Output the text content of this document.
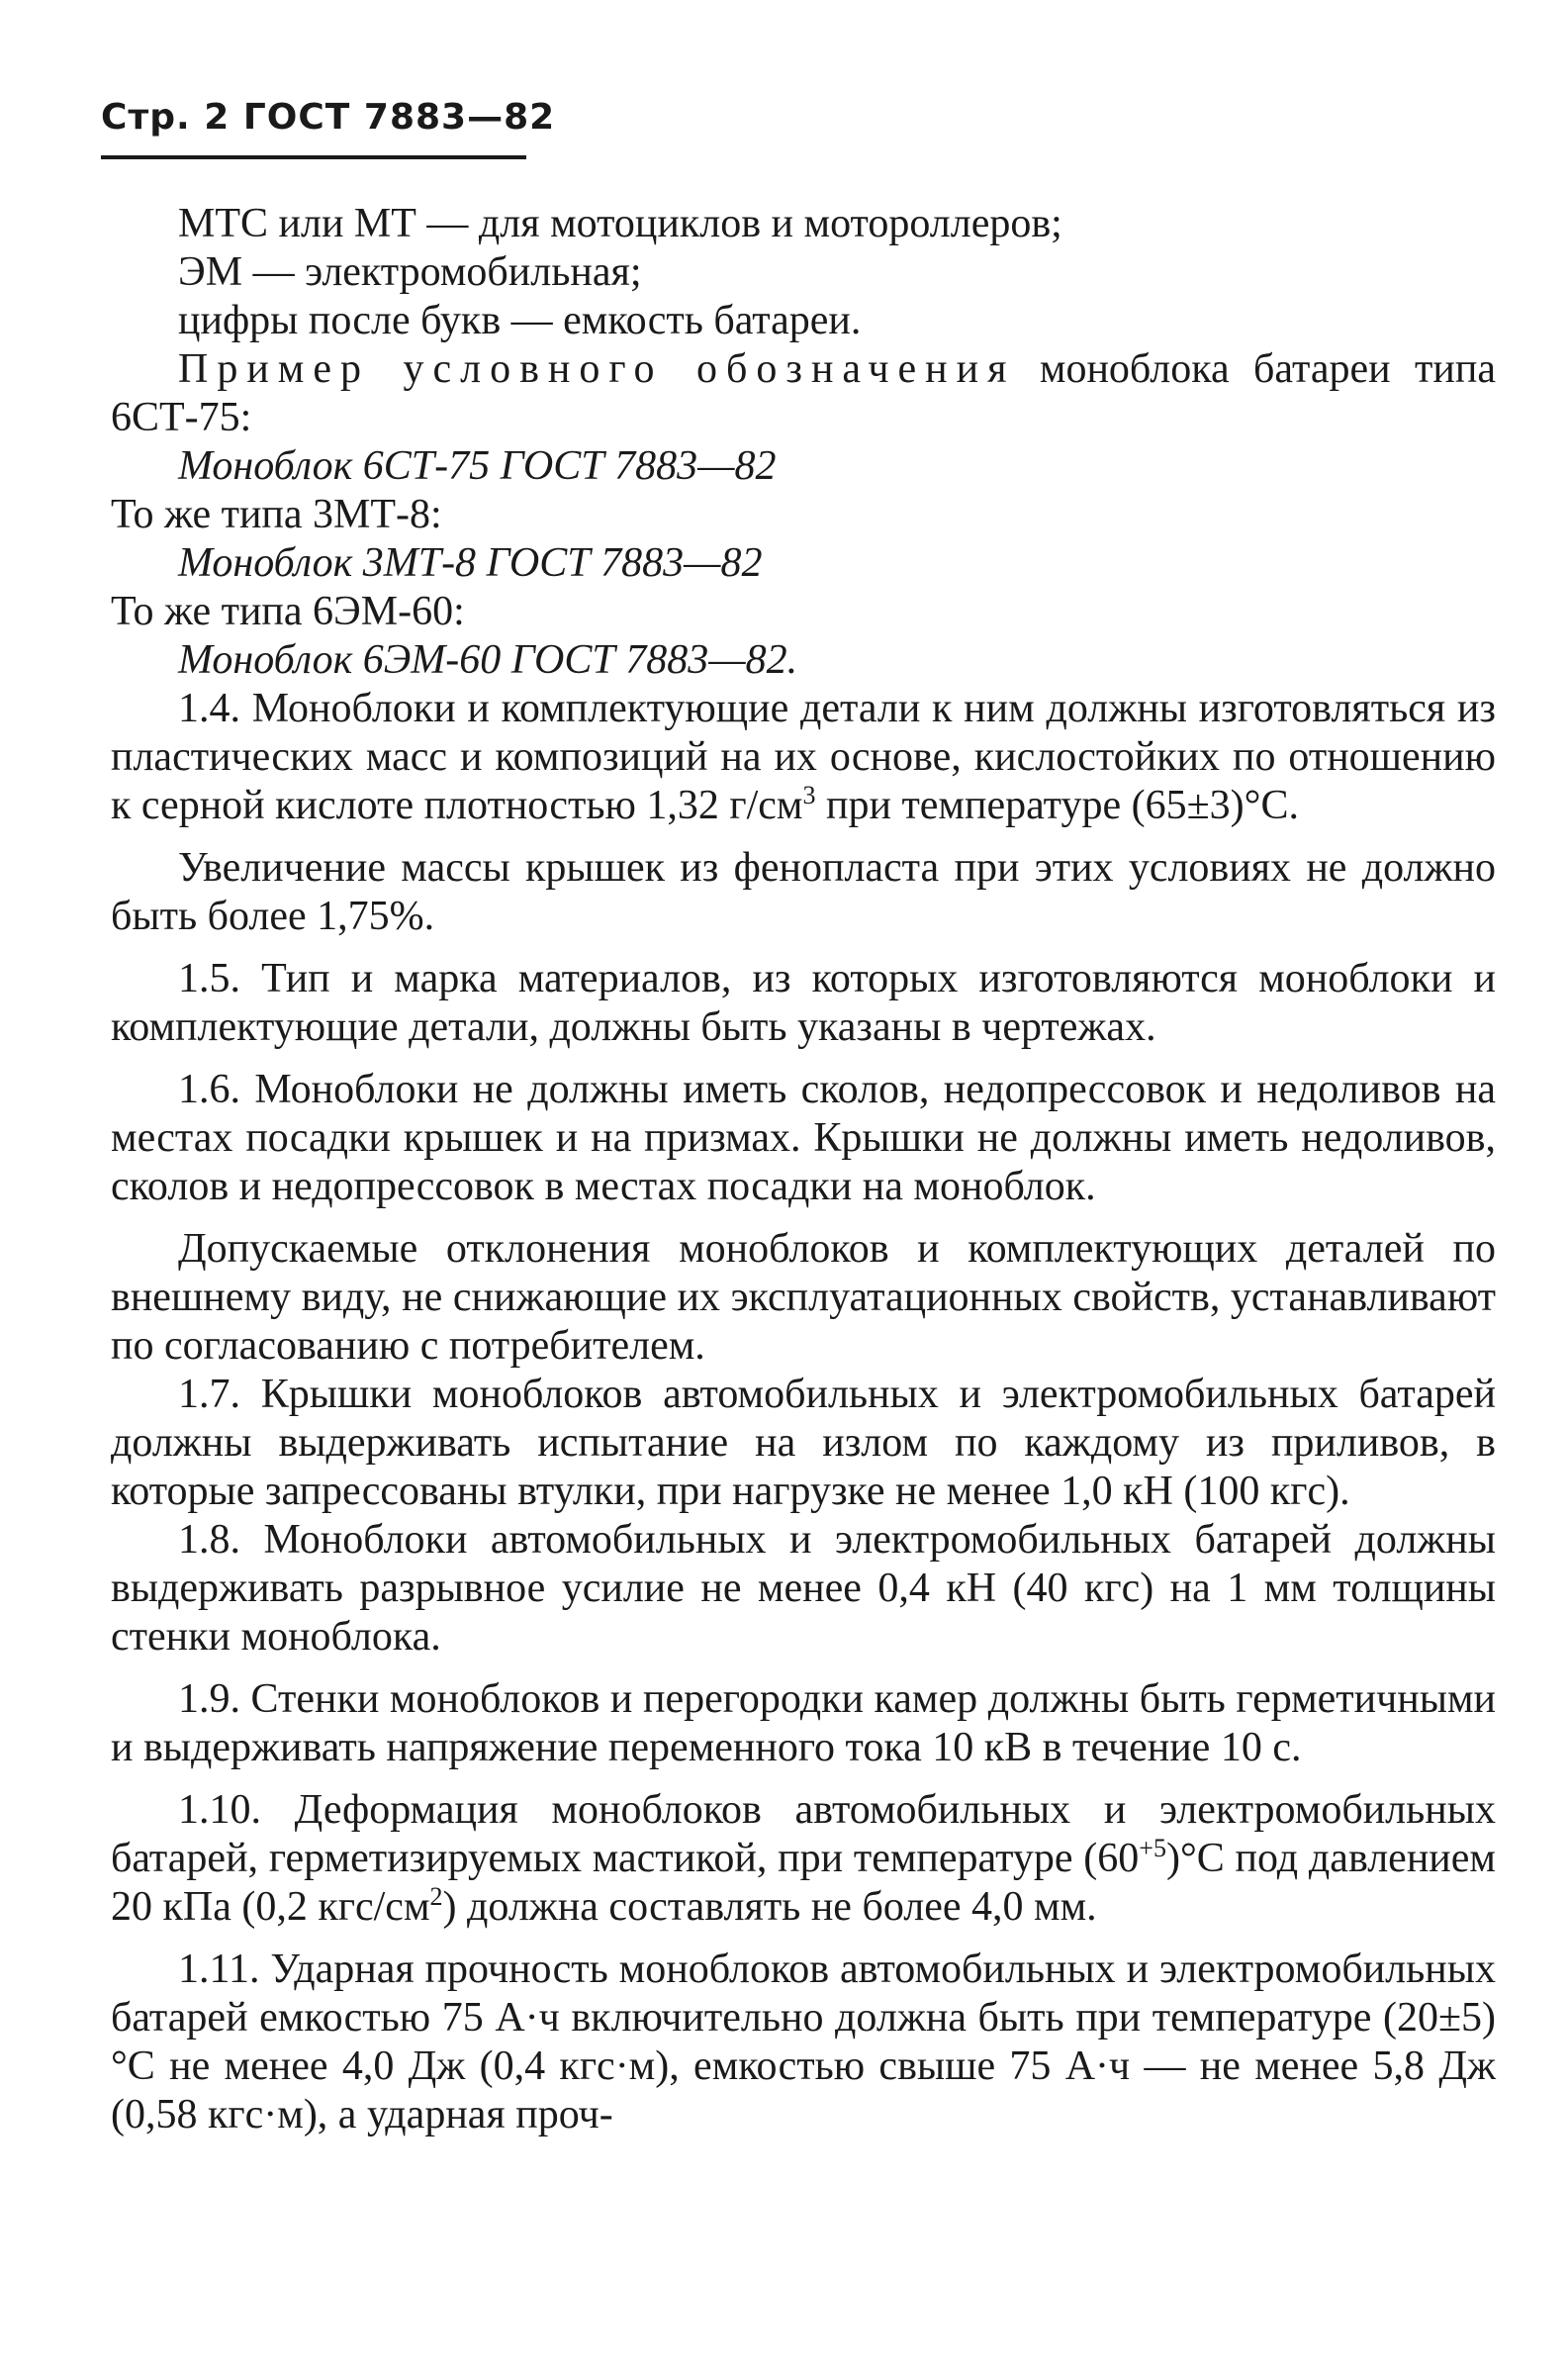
Стр. 2 ГОСТ 7883—82

МТС или МТ — для мотоциклов и мотороллеров;

ЭМ — электромобильная;

цифры после букв — емкость батареи.

Пример условного обозначения моноблока батареи типа 6СТ-75:

Моноблок 6СТ-75 ГОСТ 7883—82

То же типа 3МТ-8:

Моноблок 3МТ-8 ГОСТ 7883—82

То же типа 6ЭМ-60:

Моноблок 6ЭМ-60 ГОСТ 7883—82.

1.4. Моноблоки и комплектующие детали к ним должны изготовляться из пластических масс и композиций на их основе, кислостойких по отношению к серной кислоте плотностью 1,32 $г/см^3$ при температуре (65±3)°С.

Увеличение массы крышек из фенопласта при этих условиях не должно быть более 1,75%.

1.5. Тип и марка материалов, из которых изготовляются моноблоки и комплектующие детали, должны быть указаны в чертежах.

1.6. Моноблоки не должны иметь сколов, недопрессовок и недоливов на местах посадки крышек и на призмах. Крышки не должны иметь недоливов, сколов и недопрессовок в местах посадки на моноблок.

Допускаемые отклонения моноблоков и комплектующих деталей по внешнему виду, не снижающие их эксплуатационных свойств, устанавливают по согласованию с потребителем.

1.7. Крышки моноблоков автомобильных и электромобильных батарей должны выдерживать испытание на излом по каждому из приливов, в которые запрессованы втулки, при нагрузке не менее 1,0 кН (100 кгс).

1.8. Моноблоки автомобильных и электромобильных батарей должны выдерживать разрывное усилие не менее 0,4 кН (40 кгс) на 1 мм толщины стенки моноблока.

1.9. Стенки моноблоков и перегородки камер должны быть герметичными и выдерживать напряжение переменного тока 10 кВ в течение 10 с.

1.10. Деформация моноблоков автомобильных и электромобильных батарей, герметизируемых мастикой, при температуре $(60^{+5})^\circ С$ под давлением 20 кПа (0,2 кгс/$см^2$) должна составлять не более 4,0 мм.

1.11. Ударная прочность моноблоков автомобильных и электромобильных батарей емкостью 75 А·ч включительно должна быть при температуре (20±5)°С не менее 4,0 Дж (0,4 кгс·м), емкостью свыше 75 А·ч — не менее 5,8 Дж (0,58 кгс·м), а ударная проч-
